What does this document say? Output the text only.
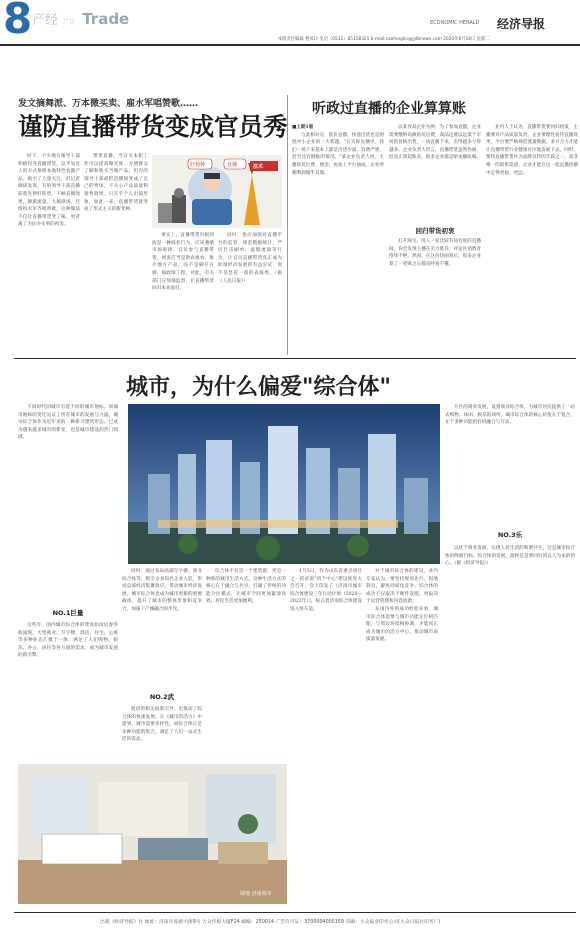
8 产经 广告 Trade	ECONOMIC HERALD 经济导报
本版责任编辑 曹风玲 电话（0531）85158321 E-mail:caofenglin@jjdbnews.com 2020年8月18日 星期二
发文摘舞派、万本微买卖、雇水军唱赞歌……
谨防直播带货变成官员秀
好柿种	法术
直播

时下，不少地方领导干部积极投身直播带货，以平易近人的方式推销本地特色农副产品，吸引了大量关注。但记者调研发现，有的领导干部直播前就先摆好阵势，不顾直播效果，舞派流量、大搞排场，还组织水军齐唱赞歌，这种做法不仅让直播带货变了味，更背离了为民办实事的初衷。

带货直播，当官员本职工作可以提高曝光度，方便群众了解和购买当地产品。但有的领导干部却把直播间变成了自己的秀场，不关心产品质量和销售效果，只在乎个人出镜形象，如此一来，直播带货就变成了形式主义的新变种。

事实上，直播带货归根到底是一种商业行为，应该遵循市场规律。官员参与直播带货，初衷应当是助农惠农、推介地方产品，而不是刷存在感、搞政绩工程。对此，有关部门应加强监督，让直播带货回归本来面目。

同时，也应加强对直播平台的监管，规范数据统计，严厉打击刷单、虚假流量等行为，让官员直播带货真正成为助推经济发展的有益尝试，而不是昙花一现的表演秀。（据《人民日报》）

听政过直播的企业算算账

■上期1版

与此相对应，低价直播、快递出货也是困扰中小企业的一大难题。"在实际直播中，我们一场下来基本上都是出货少量、浪费严重，甚至还有倒贴的情况。"某企业负责人说，主播的坑位费、佣金，再加上平台抽成，企业所剩利润微乎其微。

以某食品企业为例，为了参加直播，企业需要缴纳高额的坑位费，商品还要以远低于市场的价格出售，一场直播下来，卖得越多亏得越多。企业负责人坦言，直播带货虽然热闹，但真正算起账来，很多企业都是赔本赚吆喝。

回归带货初衷

打开淘宝、进入一家比较有知名度的直播间，你会发现主播在卖力推荐，评论区消费者络绎不绝。然而，在这份热闹背后，很多企业算了一笔账之后都直呼看不懂。

业内人士认为，直播带货要回归初衷，主播要对产品质量负责，企业要理性看待直播效果，平台要严格规范流量数据，多方合力才能让直播带货行业健康有序地发展下去。同时，要将直播带货作为品牌宣传的手段之一，而非唯一的销售渠道，企业才能在这一轮直播热潮中走得更稳、更远。

城市，为什么偏爱"综合体"
绿地·济南城市

不同时代的城市有着不同的城市地标。而城市地标的变迁见证了所在城市的发展与兴盛。城市综合体作为近年来的一种新兴建筑形态，已成为越来越多城市的新宠，也是城市建设的热门领域。

NO.1巨量

这些年，国内城市综合体的建设如雨后春笋般涌现，大型商业、写字楼、酒店、住宅、公寓等多种业态汇聚于一体，满足了人们购物、娱乐、办公、居住等各方面的需求，成为城市发展的新引擎。

同时，通过布局高端写字楼、商业综合体等，吸引众多知名企业入驻，形成总部经济集聚效应，带动城市经济发展。城市综合体也成为城市更新的重要载体，提升了城市的整体形象和竞争力，加速了产城融合的步伐。

NO.2武

政府的相关政策引导，也推动了综合体的快速发展。在《城市的活力》中提到，城市需要多样性，而综合体正是多种功能的集合，满足了人们一站式生活的需求。

综合体不仅是一个建筑群，更是一种新的城市生活方式。这种生活方式的核心在于融合与共享，打破了传统的功能分区模式，让城市空间更加紧凑高效，居民生活更加便利。

1月5日，作为山东省重点项目之一的济南"四个中心"建设推进大会召开，会上印发了《济南市城市综合体建设三年行动计划（2020—2022年）》，标志着济南综合体建设进入快车道。

对于城市综合体的建设，业内专家认为，要坚持规划先行，因地制宜，避免同质化竞争。综合体的成功不仅取决于硬件设施，更取决于运营管理和内容创新。

从国内外的成功经验来看，城市综合体需要与城市功能定位相匹配，与周边环境相协调，才能真正成为城市的活力中心，推动城市高质量发展。

片区的商业发展，设置商业综合体，为城市居民提供了一站式购物、休闲、娱乐的场所。城市综合体的核心价值在于复合，在于多种功能的有机融合与互动。

NO.3乐

以优于商业发展、实现人居生活的和谐共生，这是城市综合体的终极目标。综合体的发展，最终还是要回归到以人为本的初心。（据《经济导报》）

出版《经济导报》社 地址：济南市泺源大街9号 大众传媒大厦F24 邮编：250014 广告许可证：3700004000159 印刷：大众报业印务公司(大众日报社印务厂)
